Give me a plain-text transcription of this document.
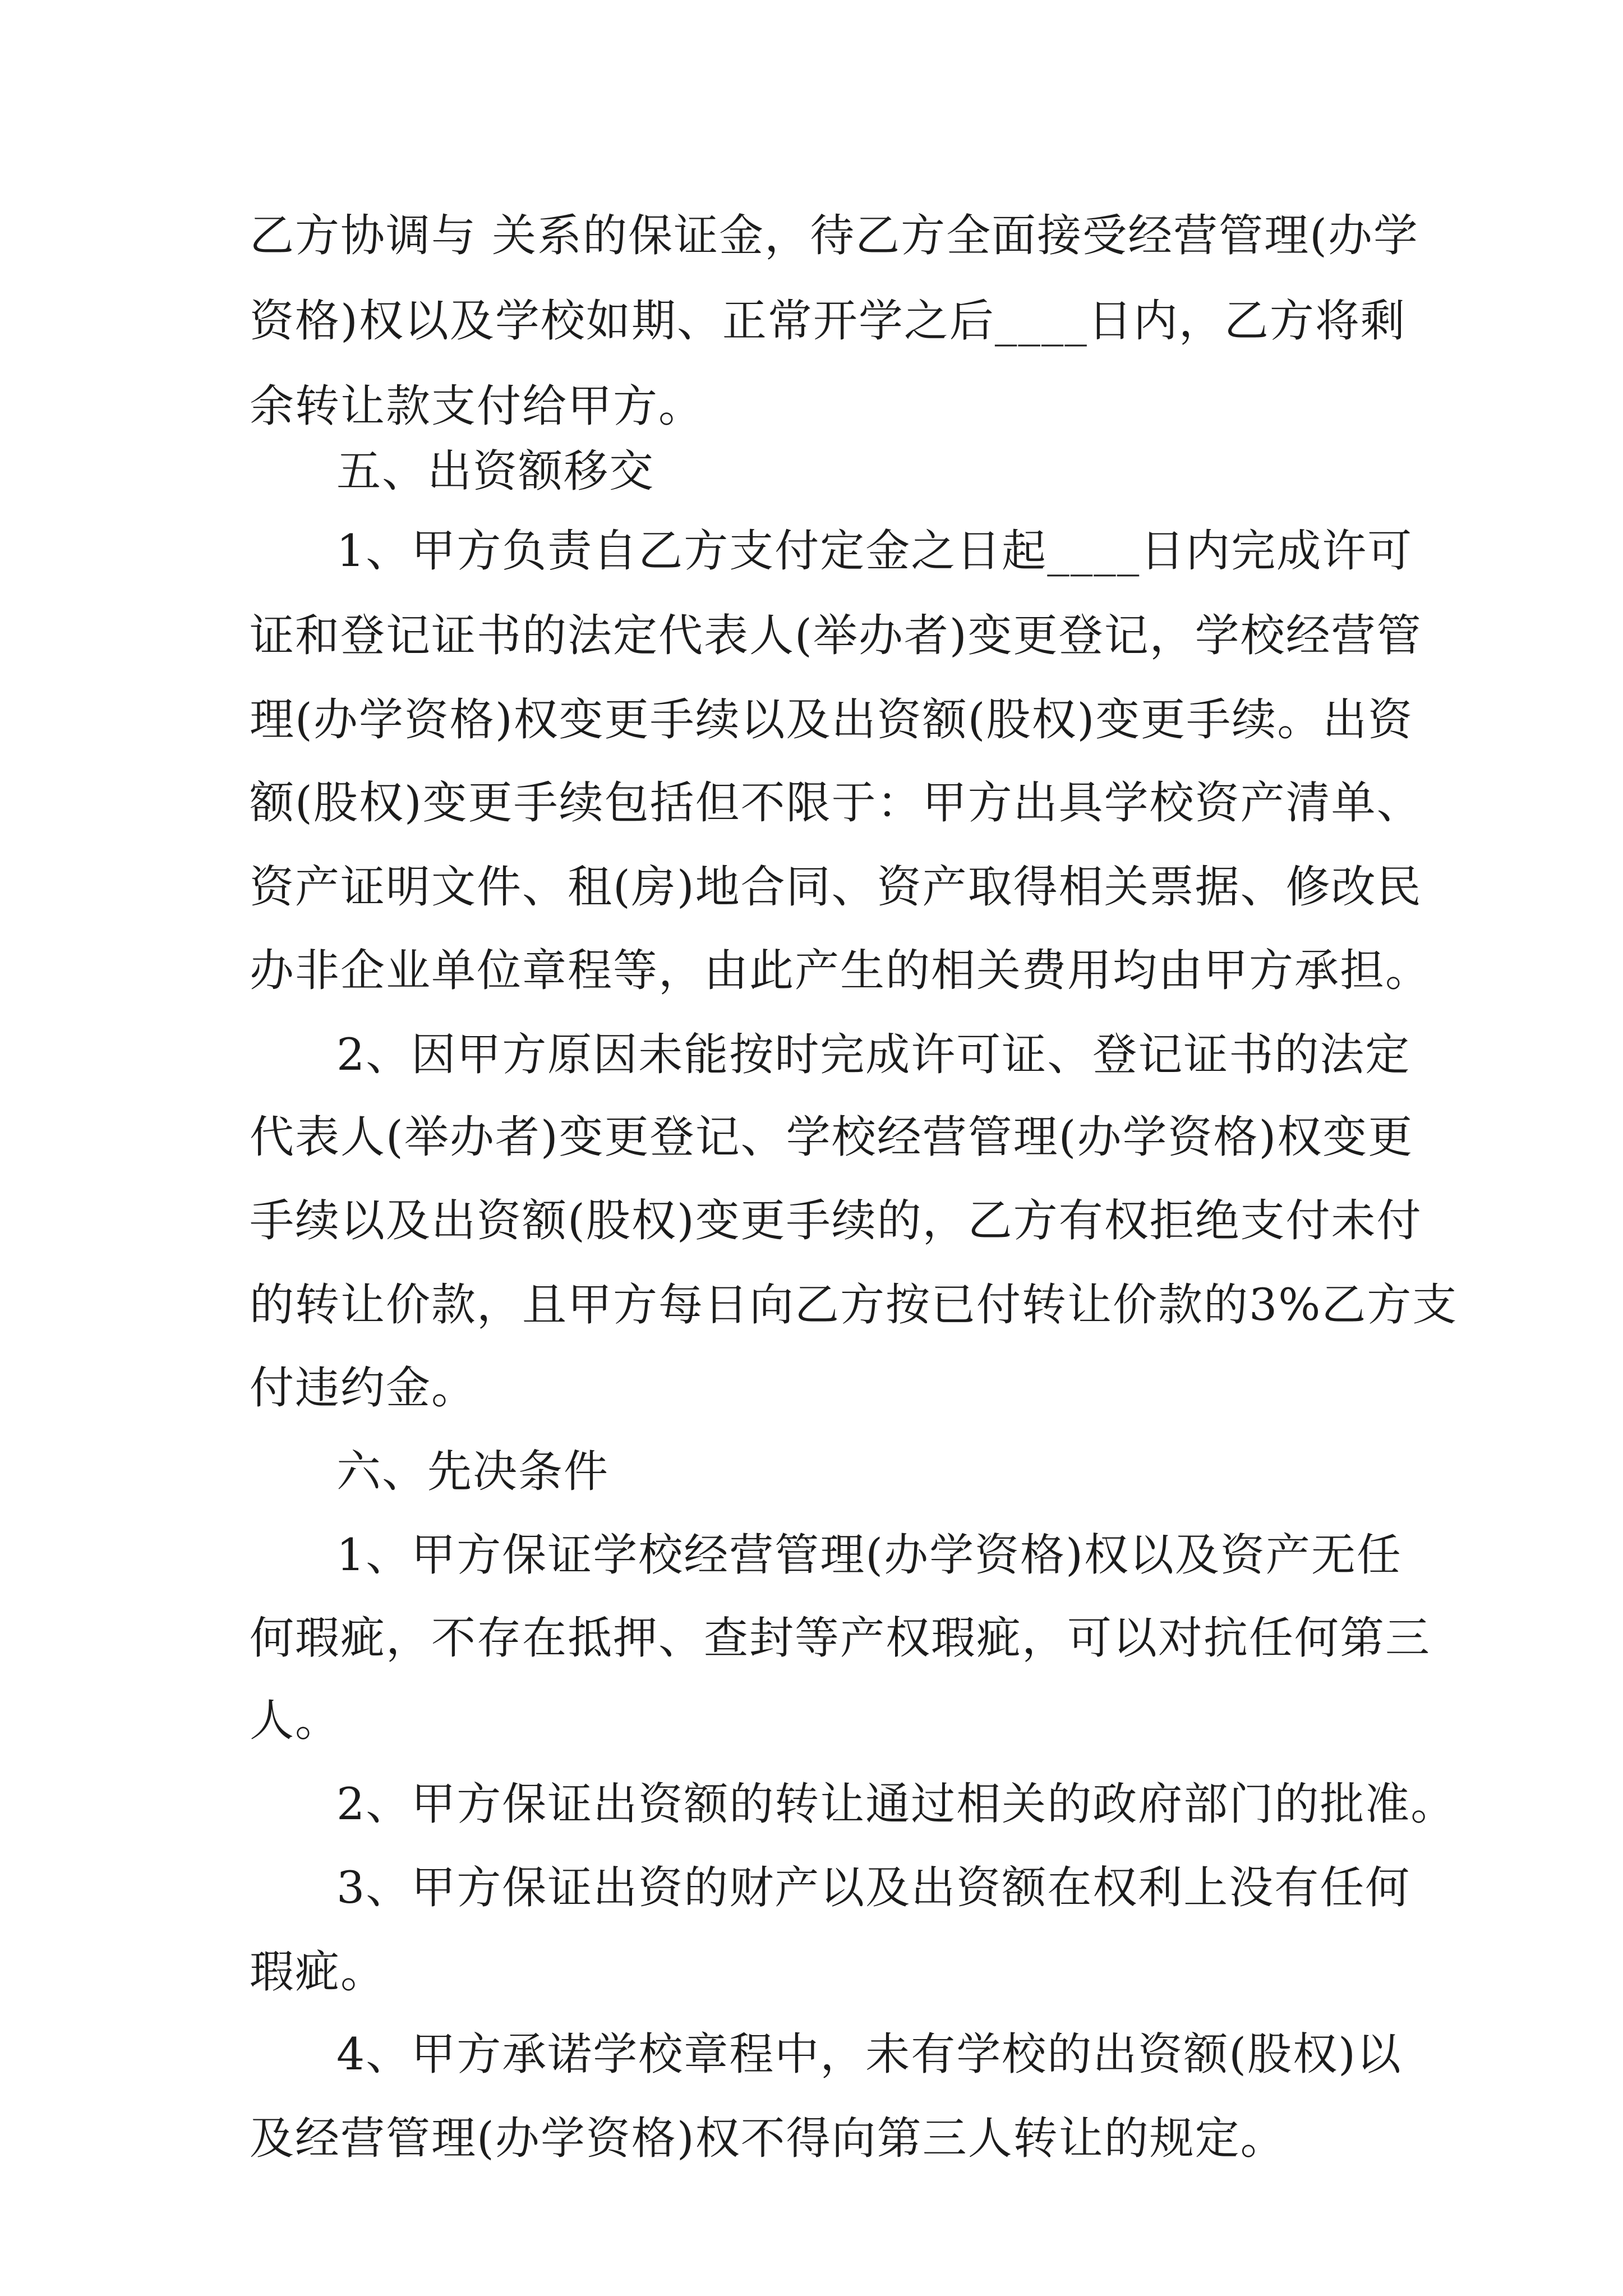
乙方协调与 关系的保证金，待乙方全面接受经营管理(办学

资格)权以及学校如期、正常开学之后____日内，乙方将剩

余转让款支付给甲方。

五、出资额移交

1、甲方负责自乙方支付定金之日起____日内完成许可

证和登记证书的法定代表人(举办者)变更登记，学校经营管

理(办学资格)权变更手续以及出资额(股权)变更手续。出资

额(股权)变更手续包括但不限于：甲方出具学校资产清单、

资产证明文件、租(房)地合同、资产取得相关票据、修改民

办非企业单位章程等，由此产生的相关费用均由甲方承担。

2、因甲方原因未能按时完成许可证、登记证书的法定

代表人(举办者)变更登记、学校经营管理(办学资格)权变更

手续以及出资额(股权)变更手续的，乙方有权拒绝支付未付

的转让价款，且甲方每日向乙方按已付转让价款的3%乙方支

付违约金。

六、先决条件

1、甲方保证学校经营管理(办学资格)权以及资产无任

何瑕疵，不存在抵押、查封等产权瑕疵，可以对抗任何第三

人。

2、甲方保证出资额的转让通过相关的政府部门的批准。

3、甲方保证出资的财产以及出资额在权利上没有任何

瑕疵。

4、甲方承诺学校章程中，未有学校的出资额(股权)以

及经营管理(办学资格)权不得向第三人转让的规定。
